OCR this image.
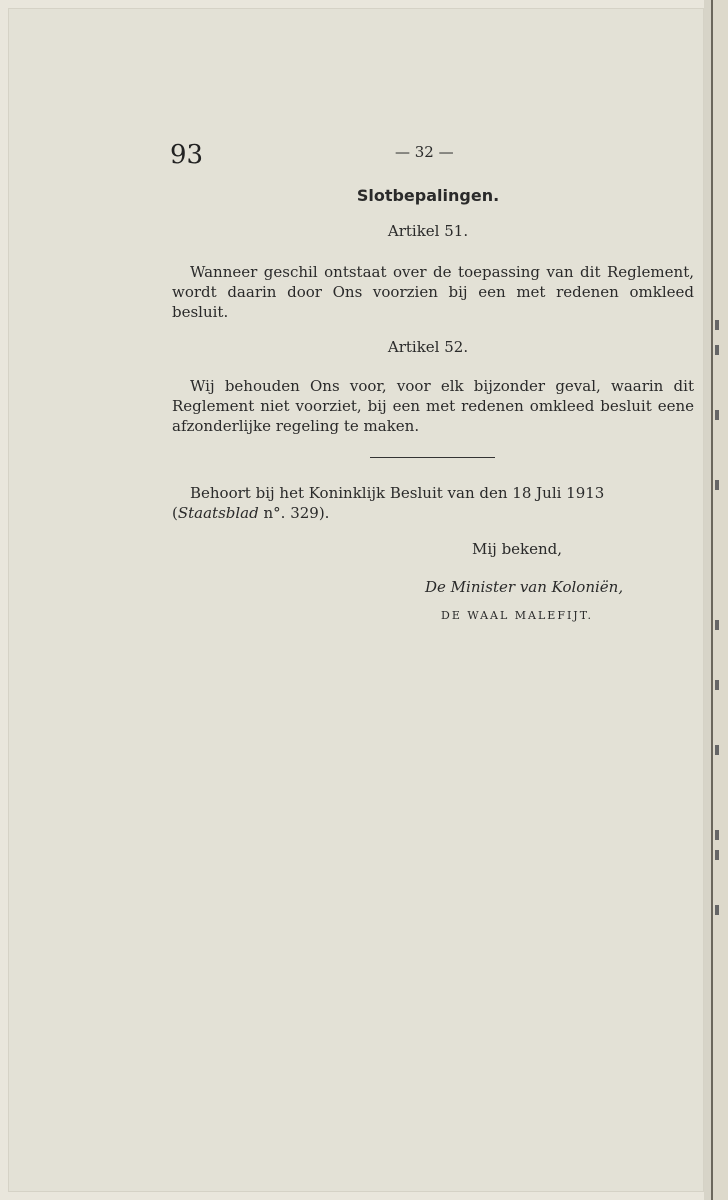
93	— 32 —
Slotbepalingen.
Artikel 51.
Wanneer geschil ontstaat over de toepassing van dit Reglement, wordt daarin door Ons voorzien bij een met redenen omkleed besluit.
Artikel 52.
Wij behouden Ons voor, voor elk bijzonder geval, waarin dit Reglement niet voorziet, bij een met redenen omkleed besluit eene afzonderlijke regeling te maken.
Behoort bij het Koninklijk Besluit van den 18 Juli 1913
(Staatsblad n°. 329).
Mij bekend,
De Minister van Koloniën,
DE WAAL MALEFIJT.
